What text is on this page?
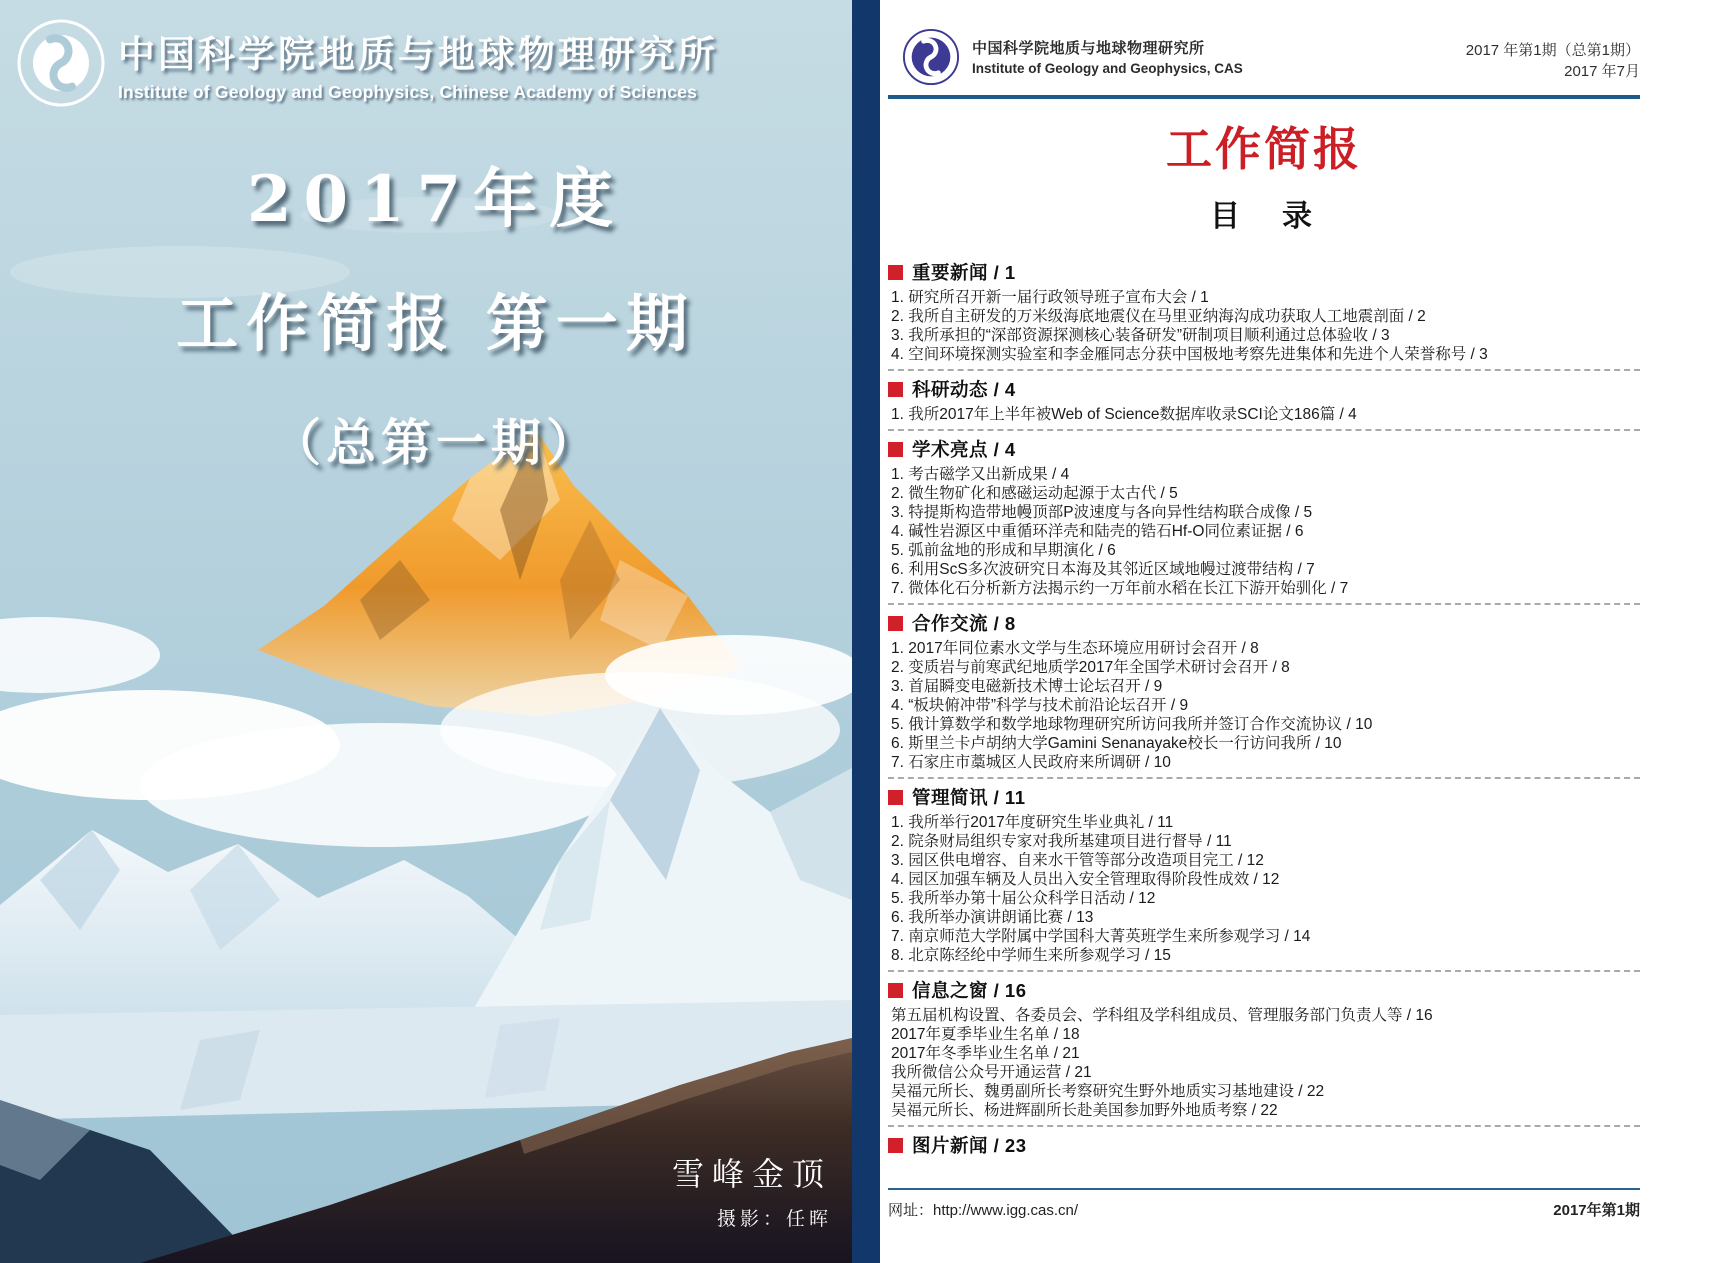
中国科学院地质与地球物理研究所
Institute of Geology and Geophysics, Chinese Academy of Sciences
2017年度
工作简报 第一期
（总第一期）
雪峰金顶
摄影：任晖
中国科学院地质与地球物理研究所
Institute of Geology and Geophysics, CAS
2017 年第1期（总第1期）
2017 年7月
工作简报
目　录
重要新闻 / 1
1. 研究所召开新一届行政领导班子宣布大会 / 1
2. 我所自主研发的万米级海底地震仪在马里亚纳海沟成功获取人工地震剖面 / 2
3. 我所承担的“深部资源探测核心装备研发”研制项目顺利通过总体验收 / 3
4. 空间环境探测实验室和李金雁同志分获中国极地考察先进集体和先进个人荣誉称号 / 3
科研动态 / 4
1. 我所2017年上半年被Web of Science数据库收录SCI论文186篇 / 4
学术亮点 / 4
1. 考古磁学又出新成果 / 4
2. 微生物矿化和感磁运动起源于太古代 / 5
3. 特提斯构造带地幔顶部P波速度与各向异性结构联合成像 / 5
4. 碱性岩源区中重循环洋壳和陆壳的锆石Hf-O同位素证据 / 6
5. 弧前盆地的形成和早期演化 / 6
6. 利用ScS多次波研究日本海及其邻近区域地幔过渡带结构 / 7
7. 微体化石分析新方法揭示约一万年前水稻在长江下游开始驯化 / 7
合作交流 / 8
1. 2017年同位素水文学与生态环境应用研讨会召开 / 8
2. 变质岩与前寒武纪地质学2017年全国学术研讨会召开 / 8
3. 首届瞬变电磁新技术博士论坛召开 / 9
4. “板块俯冲带”科学与技术前沿论坛召开 / 9
5. 俄计算数学和数学地球物理研究所访问我所并签订合作交流协议 / 10
6. 斯里兰卡卢胡纳大学Gamini Senanayake校长一行访问我所 / 10
7. 石家庄市藁城区人民政府来所调研 / 10
管理简讯 / 11
1. 我所举行2017年度研究生毕业典礼 / 11
2. 院条财局组织专家对我所基建项目进行督导 / 11
3. 园区供电增容、自来水干管等部分改造项目完工 / 12
4. 园区加强车辆及人员出入安全管理取得阶段性成效 / 12
5. 我所举办第十届公众科学日活动 / 12
6. 我所举办演讲朗诵比赛 / 13
7. 南京师范大学附属中学国科大菁英班学生来所参观学习 / 14
8. 北京陈经纶中学师生来所参观学习 / 15
信息之窗 / 16
第五届机构设置、各委员会、学科组及学科组成员、管理服务部门负责人等 / 16
2017年夏季毕业生名单 / 18
2017年冬季毕业生名单 / 21
我所微信公众号开通运营 / 21
吴福元所长、魏勇副所长考察研究生野外地质实习基地建设 / 22
吴福元所长、杨进辉副所长赴美国参加野外地质考察 / 22
图片新闻 / 23
网址：http://www.igg.cas.cn/	2017年第1期
